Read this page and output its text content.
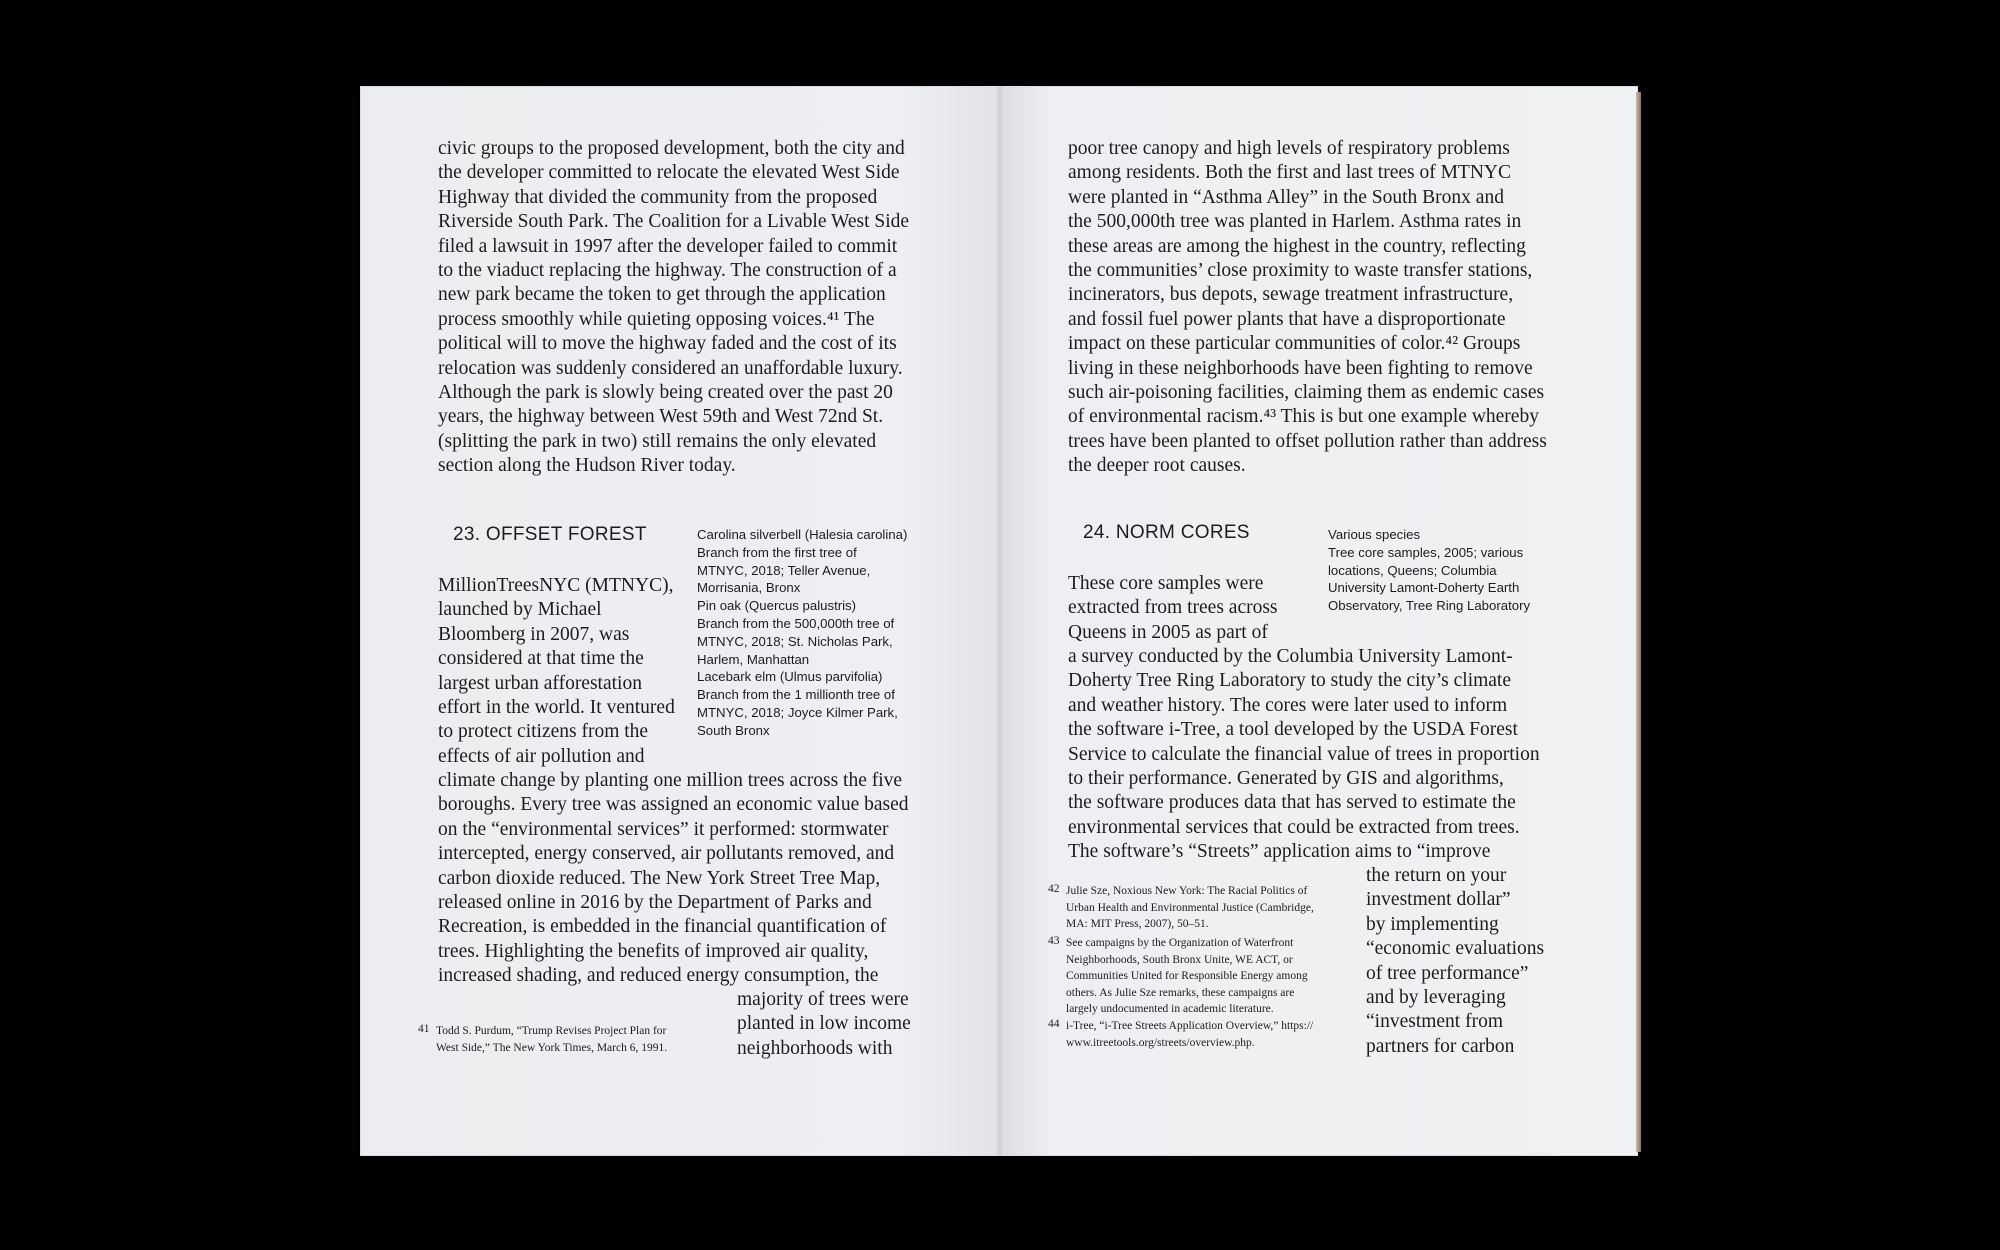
civic groups to the proposed development, both the city and
the developer committed to relocate the elevated West Side
Highway that divided the community from the proposed
Riverside South Park. The Coalition for a Livable West Side
filed a lawsuit in 1997 after the developer failed to commit
to the viaduct replacing the highway. The construction of a
new park became the token to get through the application
process smoothly while quieting opposing voices.⁴¹ The
political will to move the highway faded and the cost of its
relocation was suddenly considered an unaffordable luxury.
Although the park is slowly being created over the past 20
years, the highway between West 59th and West 72nd St.
(splitting the park in two) still remains the only elevated
section along the Hudson River today.
23. OFFSET FOREST	Carolina silverbell (Halesia carolina)
Branch from the first tree of
MTNYC, 2018; Teller Avenue,
Morrisania, Bronx
Pin oak (Quercus palustris)
Branch from the 500,000th tree of
MTNYC, 2018; St. Nicholas Park,
Harlem, Manhattan
Lacebark elm (Ulmus parvifolia)
Branch from the 1 millionth tree of
MTNYC, 2018; Joyce Kilmer Park,
South Bronx
MillionTreesNYC (MTNYC),
launched by Michael
Bloomberg in 2007, was
considered at that time the
largest urban afforestation
effort in the world. It ventured
to protect citizens from the
effects of air pollution and
climate change by planting one million trees across the five
boroughs. Every tree was assigned an economic value based
on the “environmental services” it performed: stormwater
intercepted, energy conserved, air pollutants removed, and
carbon dioxide reduced. The New York Street Tree Map,
released online in 2016 by the Department of Parks and
Recreation, is embedded in the financial quantification of
trees. Highlighting the benefits of improved air quality,
increased shading, and reduced energy consumption, the
majority of trees were
planted in low income
neighborhoods with
41 Todd S. Purdum, “Trump Revises Project Plan for
West Side,” The New York Times, March 6, 1991.
poor tree canopy and high levels of respiratory problems
among residents. Both the first and last trees of MTNYC
were planted in “Asthma Alley” in the South Bronx and
the 500,000th tree was planted in Harlem. Asthma rates in
these areas are among the highest in the country, reflecting
the communities’ close proximity to waste transfer stations,
incinerators, bus depots, sewage treatment infrastructure,
and fossil fuel power plants that have a disproportionate
impact on these particular communities of color.⁴² Groups
living in these neighborhoods have been fighting to remove
such air-poisoning facilities, claiming them as endemic cases
of environmental racism.⁴³ This is but one example whereby
trees have been planted to offset pollution rather than address
the deeper root causes.
24. NORM CORES	Various species
Tree core samples, 2005; various
locations, Queens; Columbia
University Lamont-Doherty Earth
Observatory, Tree Ring Laboratory
These core samples were
extracted from trees across
Queens in 2005 as part of
a survey conducted by the Columbia University Lamont-
Doherty Tree Ring Laboratory to study the city’s climate
and weather history. The cores were later used to inform
the software i-Tree, a tool developed by the USDA Forest
Service to calculate the financial value of trees in proportion
to their performance. Generated by GIS and algorithms,
the software produces data that has served to estimate the
environmental services that could be extracted from trees.
The software’s “Streets” application aims to “improve
the return on your
investment dollar”
by implementing
“economic evaluations
of tree performance”
and by leveraging
“investment from
partners for carbon
42 Julie Sze, Noxious New York: The Racial Politics of
Urban Health and Environmental Justice (Cambridge,
MA: MIT Press, 2007), 50–51.
43 See campaigns by the Organization of Waterfront
Neighborhoods, South Bronx Unite, WE ACT, or
Communities United for Responsible Energy among
others. As Julie Sze remarks, these campaigns are
largely undocumented in academic literature.
44 i-Tree, “i-Tree Streets Application Overview,” https://
www.itreetools.org/streets/overview.php.
